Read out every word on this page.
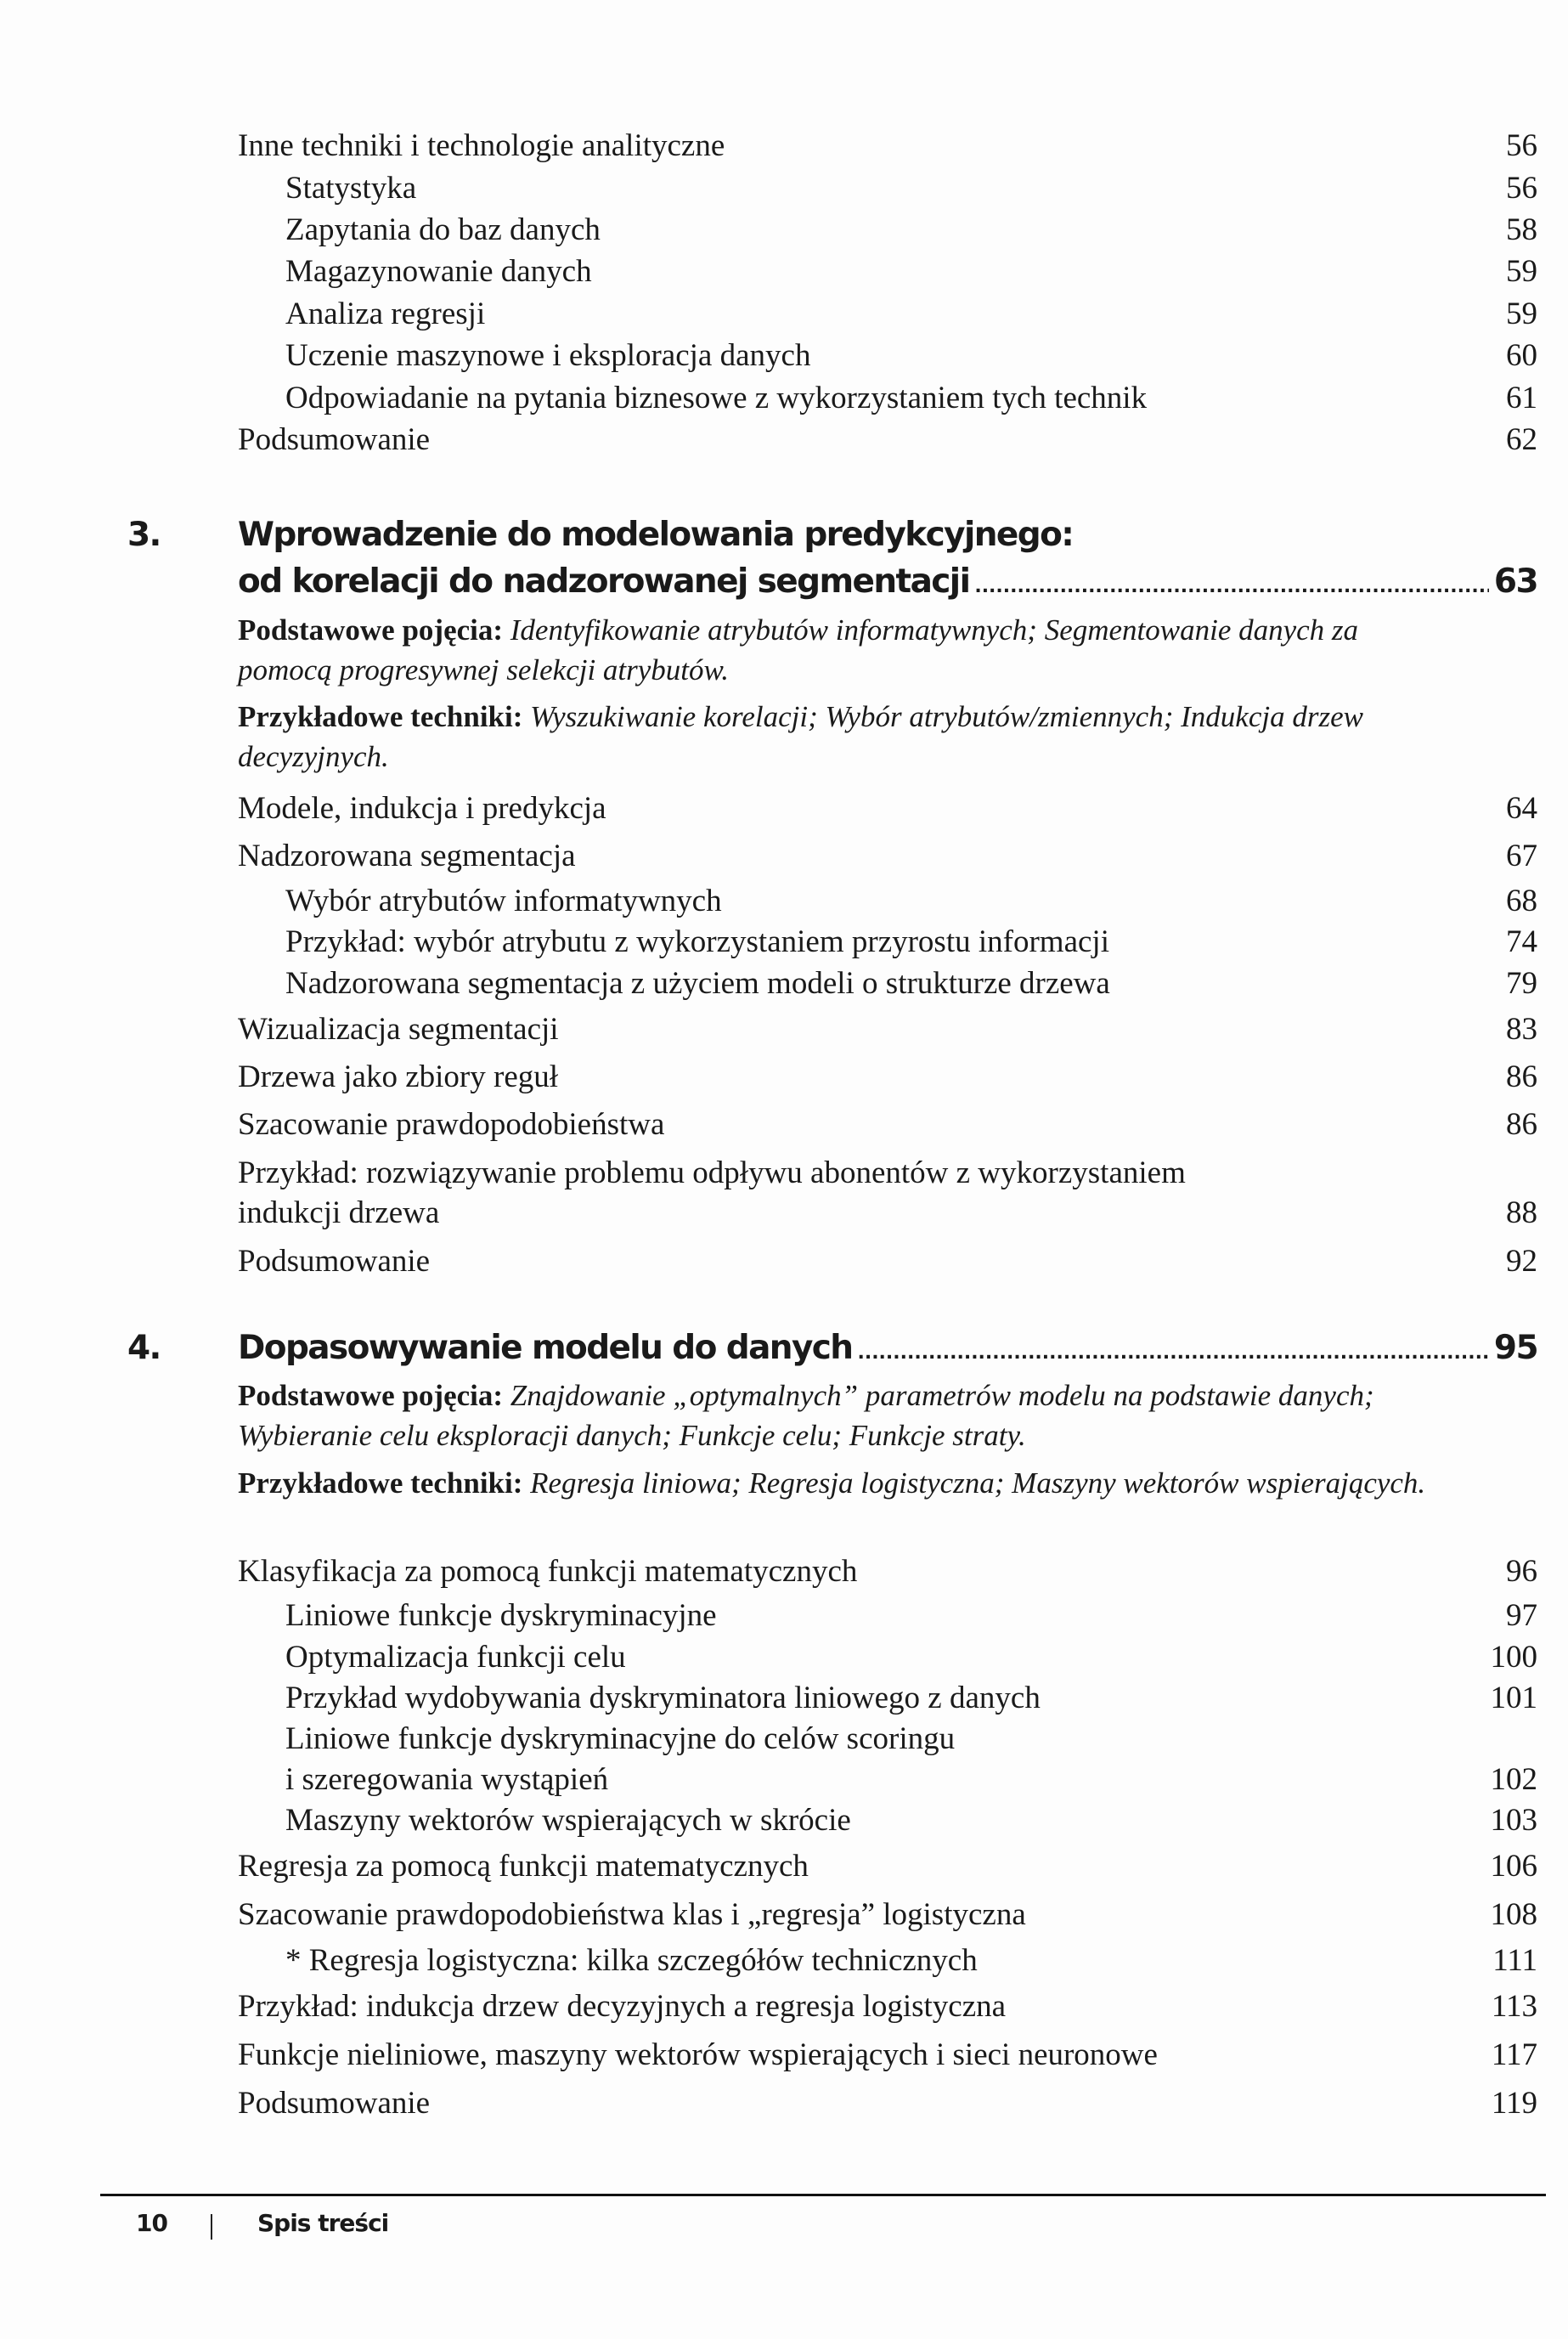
Inne techniki i technologie analityczne	56
Statystyka	56
Zapytania do baz danych	58
Magazynowanie danych	59
Analiza regresji	59
Uczenie maszynowe i eksploracja danych	60
Odpowiadanie na pytania biznesowe z wykorzystaniem tych technik	61
Podsumowanie	62
3. Wprowadzenie do modelowania predykcyjnego:
od korelacji do nadzorowanej segmentacji .....	63
Podstawowe pojęcia: Identyfikowanie atrybutów informatywnych; Segmentowanie danych za pomocą progresywnej selekcji atrybutów.
Przykładowe techniki: Wyszukiwanie korelacji; Wybór atrybutów/zmiennych; Indukcja drzew decyzyjnych.
Modele, indukcja i predykcja	64
Nadzorowana segmentacja	67
Wybór atrybutów informatywnych	68
Przykład: wybór atrybutu z wykorzystaniem przyrostu informacji	74
Nadzorowana segmentacja z użyciem modeli o strukturze drzewa	79
Wizualizacja segmentacji	83
Drzewa jako zbiory reguł	86
Szacowanie prawdopodobieństwa	86
Przykład: rozwiązywanie problemu odpływu abonentów z wykorzystaniem
indukcji drzewa	88
Podsumowanie	92
4. Dopasowywanie modelu do danych .....	95
Podstawowe pojęcia: Znajdowanie „optymalnych” parametrów modelu na podstawie danych; Wybieranie celu eksploracji danych; Funkcje celu; Funkcje straty.
Przykładowe techniki: Regresja liniowa; Regresja logistyczna; Maszyny wektorów wspierających.
Klasyfikacja za pomocą funkcji matematycznych	96
Liniowe funkcje dyskryminacyjne	97
Optymalizacja funkcji celu	100
Przykład wydobywania dyskryminatora liniowego z danych	101
Liniowe funkcje dyskryminacyjne do celów scoringu
i szeregowania wystąpień	102
Maszyny wektorów wspierających w skrócie	103
Regresja za pomocą funkcji matematycznych	106
Szacowanie prawdopodobieństwa klas i „regresja” logistyczna	108
* Regresja logistyczna: kilka szczegółów technicznych	111
Przykład: indukcja drzew decyzyjnych a regresja logistyczna	113
Funkcje nieliniowe, maszyny wektorów wspierających i sieci neuronowe	117
Podsumowanie	119
10	Spis treści
